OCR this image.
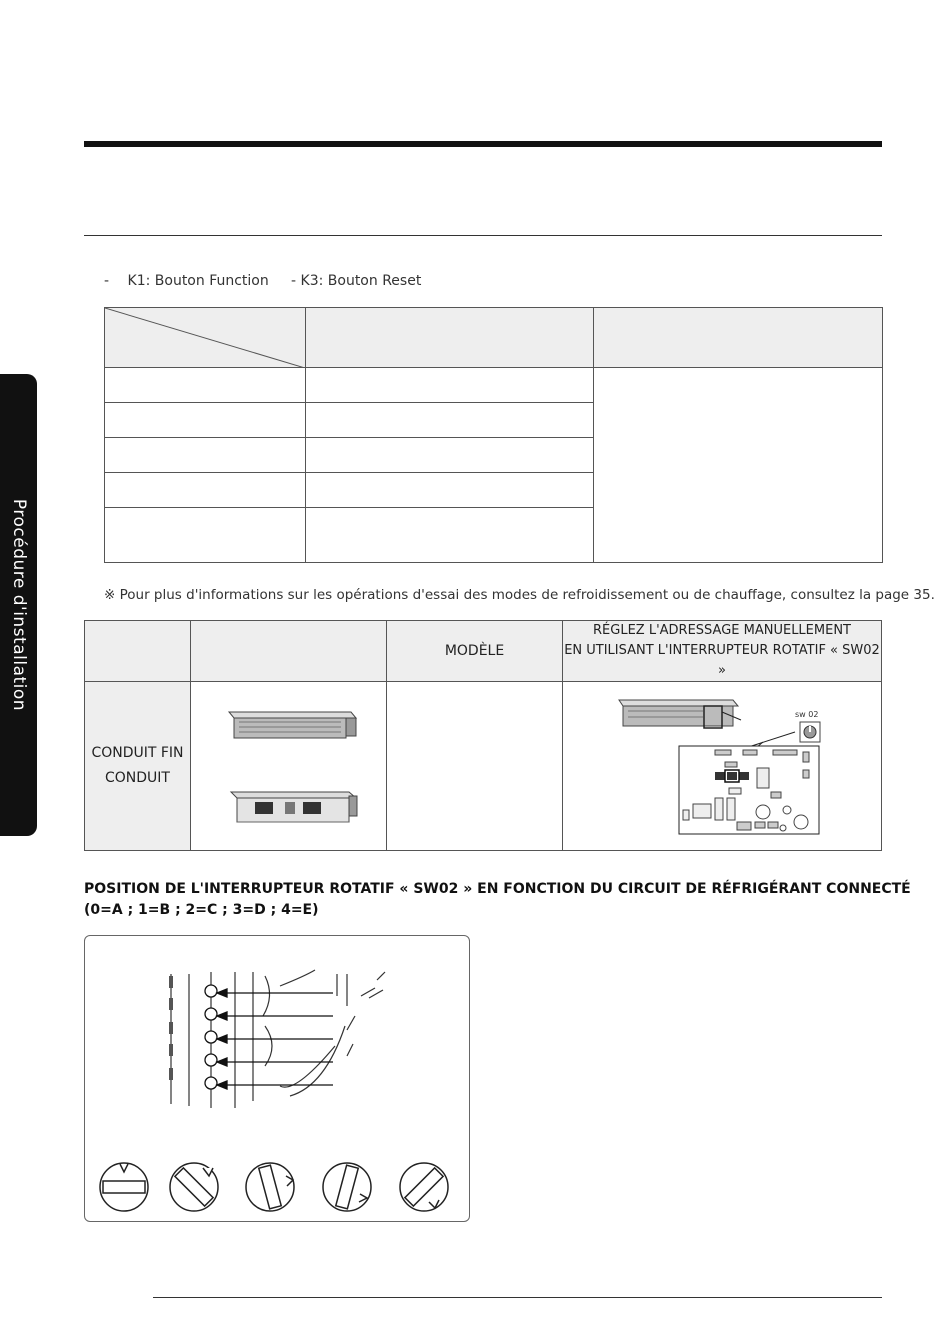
Procédure d'installation
- K1: Bouton Function - K3: Bouton Reset

※ Pour plus d'informations sur les opérations d'essai des modes de refroidissement ou de chauffage, consultez la page 35.
		MODÈLE	RÉGLEZ L'ADRESSAGE MANUELLEMENT
EN UTILISANT L'INTERRUPTEUR ROTATIF « SW02 »

CONDUIT FIN
CONDUIT			sw 02
POSITION DE L'INTERRUPTEUR ROTATIF « SW02 » EN FONCTION DU CIRCUIT DE RÉFRIGÉRANT CONNECTÉ
(0=A ; 1=B ; 2=C ; 3=D ; 4=E)
